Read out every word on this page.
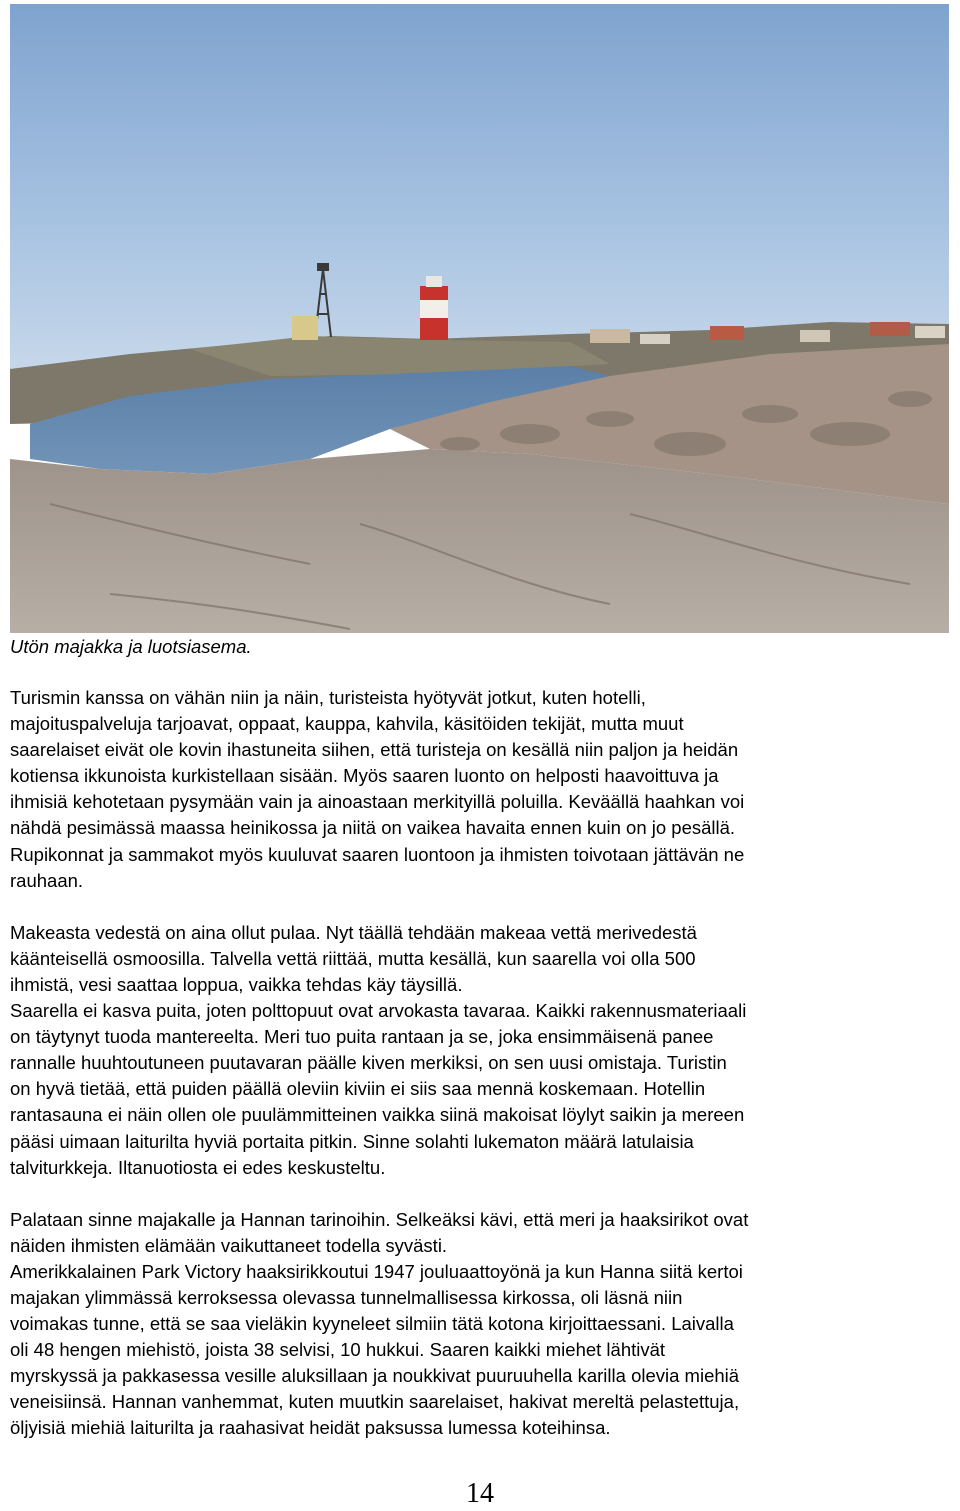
Utön majakka ja luotsiasema.

Turismin kanssa on vähän niin ja näin, turisteista hyötyvät jotkut, kuten hotelli,

majoituspalveluja tarjoavat, oppaat, kauppa, kahvila, käsitöiden tekijät, mutta muut

saarelaiset eivät ole kovin ihastuneita siihen, että turisteja on kesällä niin paljon ja heidän

kotiensa ikkunoista kurkistellaan sisään. Myös saaren luonto on helposti haavoittuva ja

ihmisiä kehotetaan pysymään vain ja ainoastaan merkityillä poluilla. Keväällä haahkan voi

nähdä pesimässä maassa heinikossa ja niitä on vaikea havaita ennen kuin on jo pesällä.

Rupikonnat ja sammakot myös kuuluvat saaren luontoon ja ihmisten toivotaan jättävän ne

rauhaan.

Makeasta vedestä on aina ollut pulaa. Nyt täällä tehdään makeaa vettä merivedestä

käänteisellä osmoosilla. Talvella vettä riittää, mutta kesällä, kun saarella voi olla 500

ihmistä, vesi saattaa loppua, vaikka tehdas käy täysillä.

Saarella ei kasva puita, joten polttopuut ovat arvokasta tavaraa. Kaikki rakennusmateriaali

on täytynyt tuoda mantereelta. Meri tuo puita rantaan ja se, joka ensimmäisenä panee

rannalle huuhtoutuneen puutavaran päälle kiven merkiksi, on sen uusi omistaja. Turistin

on hyvä tietää, että puiden päällä oleviin kiviin ei siis saa mennä koskemaan. Hotellin

rantasauna ei näin ollen ole puulämmitteinen vaikka siinä makoisat löylyt saikin ja mereen

pääsi uimaan laiturilta hyviä portaita pitkin. Sinne solahti lukematon määrä latulaisia

talviturkkeja. Iltanuotiosta ei edes keskusteltu.

Palataan sinne majakalle ja Hannan tarinoihin. Selkeäksi kävi, että meri ja haaksirikot ovat

näiden ihmisten elämään vaikuttaneet todella syvästi.

Amerikkalainen Park Victory haaksirikkoutui 1947 jouluaattoyönä ja kun Hanna siitä kertoi

majakan ylimmässä kerroksessa olevassa tunnelmallisessa kirkossa, oli läsnä niin

voimakas tunne, että se saa vieläkin kyyneleet silmiin tätä kotona kirjoittaessani. Laivalla

oli 48 hengen miehistö, joista 38 selvisi, 10 hukkui. Saaren kaikki miehet lähtivät

myrskyssä ja pakkasessa vesille aluksillaan ja noukkivat puuruuhella karilla olevia miehiä

veneisiinsä. Hannan vanhemmat, kuten muutkin saarelaiset, hakivat mereltä pelastettuja,

öljyisiä miehiä laiturilta ja raahasivat heidät paksussa lumessa koteihinsa.

14
